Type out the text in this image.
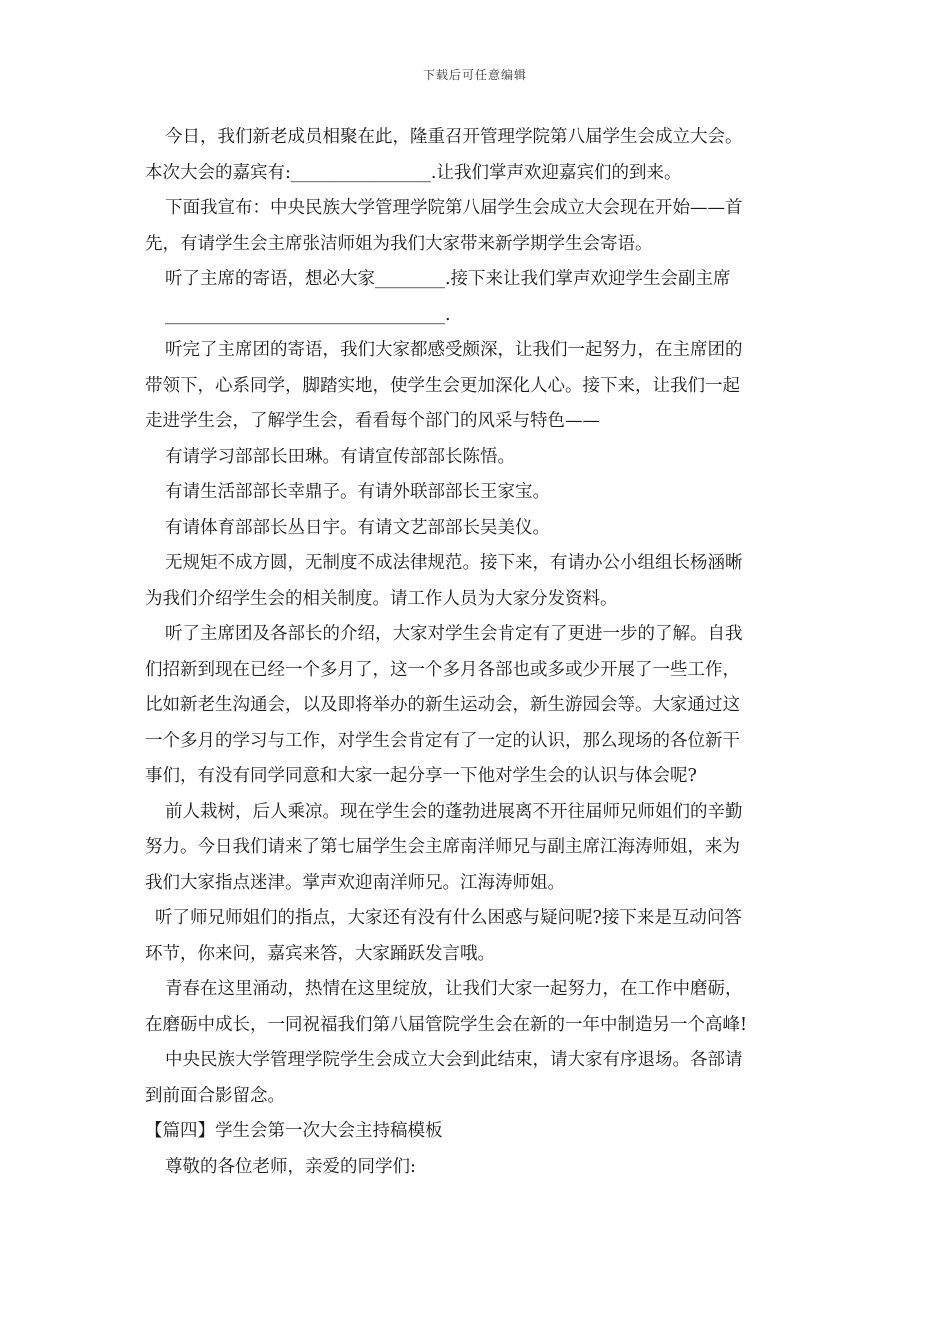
下载后可任意编辑

今日，我们新老成员相聚在此，隆重召开管理学院第八届学生会成立大会。
本次大会的嘉宾有:________________.让我们掌声欢迎嘉宾们的到来。

下面我宣布：中央民族大学管理学院第八届学生会成立大会现在开始——首
先，有请学生会主席张洁师姐为我们大家带来新学期学生会寄语。

听了主席的寄语，想必大家________.接下来让我们掌声欢迎学生会副主席
________________________________.

听完了主席团的寄语，我们大家都感受颇深，让我们一起努力，在主席团的
带领下，心系同学，脚踏实地，使学生会更加深化人心。接下来，让我们一起
走进学生会，了解学生会，看看每个部门的风采与特色——

有请学习部部长田琳。有请宣传部部长陈悟。

有请生活部部长幸鼎子。有请外联部部长王家宝。

有请体育部部长丛日宇。有请文艺部部长吴美仪。

无规矩不成方圆，无制度不成法律规范。接下来，有请办公小组组长杨涵晰
为我们介绍学生会的相关制度。请工作人员为大家分发资料。

听了主席团及各部长的介绍，大家对学生会肯定有了更进一步的了解。自我
们招新到现在已经一个多月了，这一个多月各部也或多或少开展了一些工作，
比如新老生沟通会，以及即将举办的新生运动会，新生游园会等。大家通过这
一个多月的学习与工作，对学生会肯定有了一定的认识，那么现场的各位新干
事们，有没有同学同意和大家一起分享一下他对学生会的认识与体会呢?

前人栽树，后人乘凉。现在学生会的蓬勃进展离不开往届师兄师姐们的辛勤
努力。今日我们请来了第七届学生会主席南洋师兄与副主席江海涛师姐，来为
我们大家指点迷津。掌声欢迎南洋师兄。江海涛师姐。

听了师兄师姐们的指点，大家还有没有什么困惑与疑问呢?接下来是互动问答
环节，你来问，嘉宾来答，大家踊跃发言哦。

青春在这里涌动，热情在这里绽放，让我们大家一起努力，在工作中磨砺，
在磨砺中成长，一同祝福我们第八届管院学生会在新的一年中制造另一个高峰!

中央民族大学管理学院学生会成立大会到此结束，请大家有序退场。各部请
到前面合影留念。

【篇四】学生会第一次大会主持稿模板

尊敬的各位老师，亲爱的同学们:
